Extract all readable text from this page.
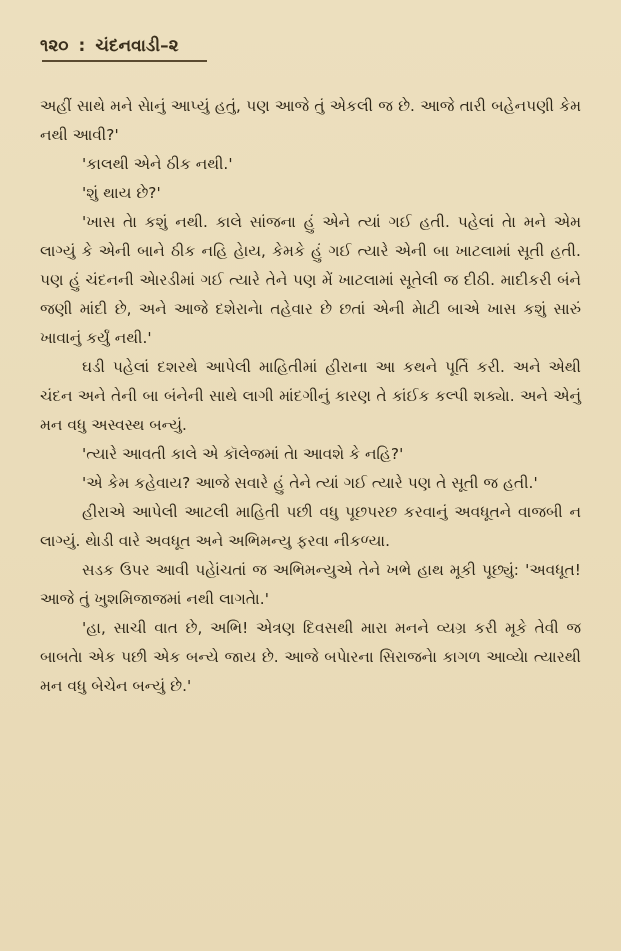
૧૨૦ : ચંદનવાડી–૨

અહીં સાથે મને સેાનું આપ્યું હતું, પણ આજે તું એકલી જ છે. આજે તારી બહેનપણી કેમ નથી આવી?'

'કાલથી એને ઠીક નથી.'

'શું થાય છે?'

'ખાસ તેા કશું નથી. કાલે સાંજના હું એને ત્યાં ગઈ હતી. પહેલાં તેા મને એમ લાગ્યું કે એની બાને ઠીક નહિ હેાય, કેમકે હું ગઈ ત્યારે એની બા ખાટલામાં સૂતી હતી. પણ હું ચંદનની એારડીમાં ગઈ ત્યારે તેને પણ મેં ખાટલામાં સૂતેલી જ દીઠી. માદીકરી બંને જણી માંદી છે, અને આજે દશેરાનેા તહેવાર છે છતાં એની મેાટી બાએ ખાસ કશું સારું ખાવાનું કર્યું નથી.'

ઘડી પહેલાં દશરથે આપેલી માહિતીમાં હીરાના આ કથને પૂર્તિ કરી. અને એથી ચંદન અને તેની બા બંનેની સાથે લાગી માંદગીનું કારણ તે કાંઈક કલ્પી શક્યેા. અને એનું મન વધુ અસ્વસ્થ બન્યું.

'ત્યારે આવતી કાલે એ કૉલેજમાં તેા આવશે કે નહિ?'

'એ કેમ કહેવાય? આજે સવારે હું તેને ત્યાં ગઈ ત્યારે પણ તે સૂતી જ હતી.'

હીરાએ આપેલી આટલી માહિતી પછી વધુ પૂછપરછ કરવાનું અવધૂતને વાજબી ન લાગ્યું. થેાડી વારે અવધૂત અને અભિમન્યુ ફરવા નીકળ્યા.

સડક ઉપર આવી પહેાંચતાં જ અભિમન્યુએ તેને ખભે હાથ મૂકી પૂછ્યું: 'અવધૂત! આજે તું ખુશમિજાજમાં નથી લાગતેા.'

'હા, સાચી વાત છે, અભિ! એત્રણ દિવસથી મારા મનને વ્યગ્ર કરી મૂકે તેવી જ બાબતેા એક પછી એક બન્યે જાય છે. આજે બપેારના સિરાજનેા કાગળ આવ્યેા ત્યારથી મન વધુ બેચેન બન્યું છે.'
